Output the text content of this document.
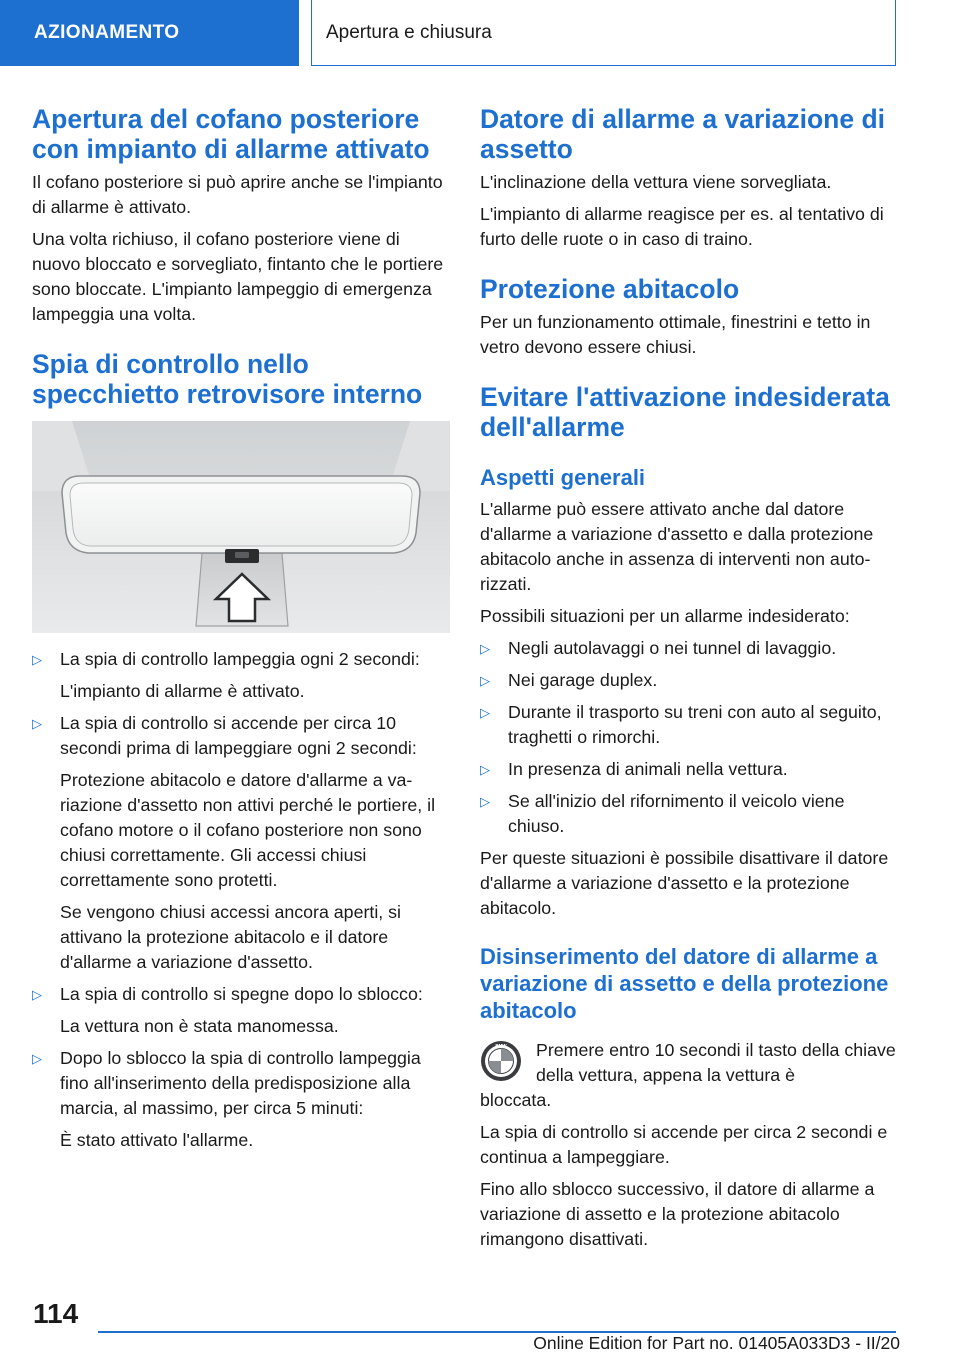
AZIONAMENTO	Apertura e chiusura
Apertura del cofano posteriore con impianto di allarme attivato

Il cofano posteriore si può aprire anche se l'impianto di allarme è attivato.

Una volta richiuso, il cofano posteriore viene di nuovo bloccato e sorvegliato, fintanto che le portiere sono bloccate. L'impianto lampeggio di emergenza lampeggia una volta.

Spia di controllo nello specchietto retrovisore interno
▷ La spia di controllo lampeggia ogni 2 secondi:

L'impianto di allarme è attivato.

▷ La spia di controllo si accende per circa 10 secondi prima di lampeggiare ogni 2 secondi:

Protezione abitacolo e datore d'allarme a variazione d'assetto non attivi perché le portiere, il cofano motore o il cofano posteriore non sono chiusi correttamente. Gli accessi chiusi correttamente sono protetti.

Se vengono chiusi accessi ancora aperti, si attivano la protezione abitacolo e il datore d'allarme a variazione d'assetto.

▷ La spia di controllo si spegne dopo lo sblocco:

La vettura non è stata manomessa.

▷ Dopo lo sblocco la spia di controllo lampeggia fino all'inserimento della predisposizione alla marcia, al massimo, per circa 5 minuti:

È stato attivato l'allarme.

Datore di allarme a variazione di assetto

L'inclinazione della vettura viene sorvegliata.

L'impianto di allarme reagisce per es. al tentativo di furto delle ruote o in caso di traino.

Protezione abitacolo

Per un funzionamento ottimale, finestrini e tetto in vetro devono essere chiusi.

Evitare l'attivazione indesiderata dell'allarme
Aspetti generali

L'allarme può essere attivato anche dal datore d'allarme a variazione d'assetto e dalla protezione abitacolo anche in assenza di interventi non autorizzati.

Possibili situazioni per un allarme indesiderato:

▷ Negli autolavaggi o nei tunnel di lavaggio.

▷ Nei garage duplex.

▷ Durante il trasporto su treni con auto al seguito, traghetti o rimorchi.

▷ In presenza di animali nella vettura.

▷ Se all'inizio del rifornimento il veicolo viene chiuso.

Per queste situazioni è possibile disattivare il datore d'allarme a variazione d'assetto e la protezione abitacolo.

Disinserimento del datore di allarme a variazione di assetto e della protezione abitacolo
BMW Premere entro 10 secondi il tasto della chiave della vettura, appena la vettura è

bloccata.

La spia di controllo si accende per circa 2 secondi e continua a lampeggiare.

Fino allo sblocco successivo, il datore di allarme a variazione di assetto e la protezione abitacolo rimangono disattivati.

114
Online Edition for Part no. 01405A033D3 - II/20
